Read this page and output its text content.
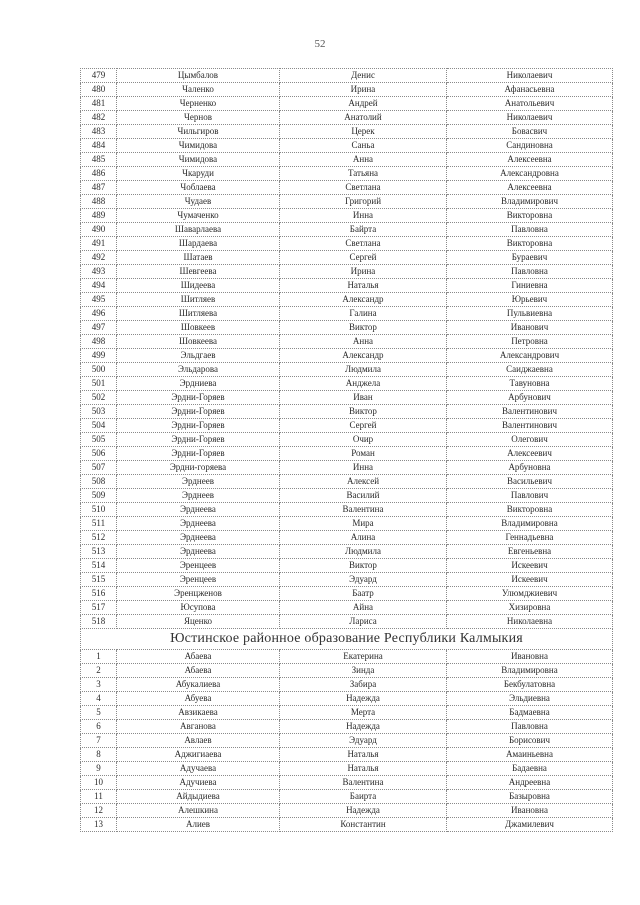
52
479	Цымбалов	Денис	Николаевич
480	Чаленко	Ирина	Афанасьевна
481	Черненко	Андрей	Анатольевич
482	Чернов	Анатолий	Николаевич
483	Чильгиров	Церек	Бовасвич
484	Чимидова	Саньа	Сандиновна
485	Чимидова	Анна	Алексеевна
486	Чкаруди	Татьяна	Александровна
487	Чоблаева	Светлана	Алексеевна
488	Чудаев	Григорий	Владимирович
489	Чумаченко	Инна	Викторовна
490	Шаварлаева	Байрта	Павловна
491	Шардаева	Светлана	Викторовна
492	Шатаев	Сергей	Бураевич
493	Шевгеева	Ирина	Павловна
494	Шидеева	Наталья	Гиниевна
495	Шитляев	Александр	Юрьевич
496	Шитляева	Галина	Пульвиевна
497	Шовкеев	Виктор	Иванович
498	Шовкеева	Анна	Петровна
499	Эльдгаев	Александр	Александрович
500	Эльдарова	Людмила	Саиджаевна
501	Эрдниева	Анджела	Тавуновна
502	Эрдни-Горяев	Иван	Арбунович
503	Эрдни-Горяев	Виктор	Валентинович
504	Эрдни-Горяев	Сергей	Валентинович
505	Эрдни-Горяев	Очир	Олегович
506	Эрдни-Горяев	Роман	Алексеевич
507	Эрдни-горяева	Инна	Арбуновна
508	Эрднеев	Алексей	Васильевич
509	Эрднеев	Василий	Павлович
510	Эрднеева	Валентина	Викторовна
511	Эрднеева	Мира	Владимировна
512	Эрднеева	Алина	Геннадьевна
513	Эрднеева	Людмила	Евгеньевна
514	Эренцеев	Виктор	Искеевич
515	Эренцеев	Эдуард	Искеевич
516	Эренцженов	Баатр	Улюмджиевич
517	Юсупова	Айна	Хизировна
518	Яценко	Лариса	Николаевна
Юстинское районное образование Республики Калмыкия			
1	Абаева	Екатерина	Ивановна
2	Абаева	Зинда	Владимировна
3	Абукалиева	Забира	Бекбулатовна
4	Абуева	Надежда	Эльдиевна
5	Авзикаева	Мерта	Бадмаевна
6	Авганова	Надежда	Павловна
7	Авлаев	Эдуард	Борисович
8	Аджигиаева	Наталья	Амаиньевна
9	Адучаева	Наталья	Бадаевна
10	Адучиева	Валентина	Андреевна
11	Айдыдиева	Баирта	Базыровна
12	Алешкина	Надежда	Ивановна
13	Алиев	Константин	Джамилевич
